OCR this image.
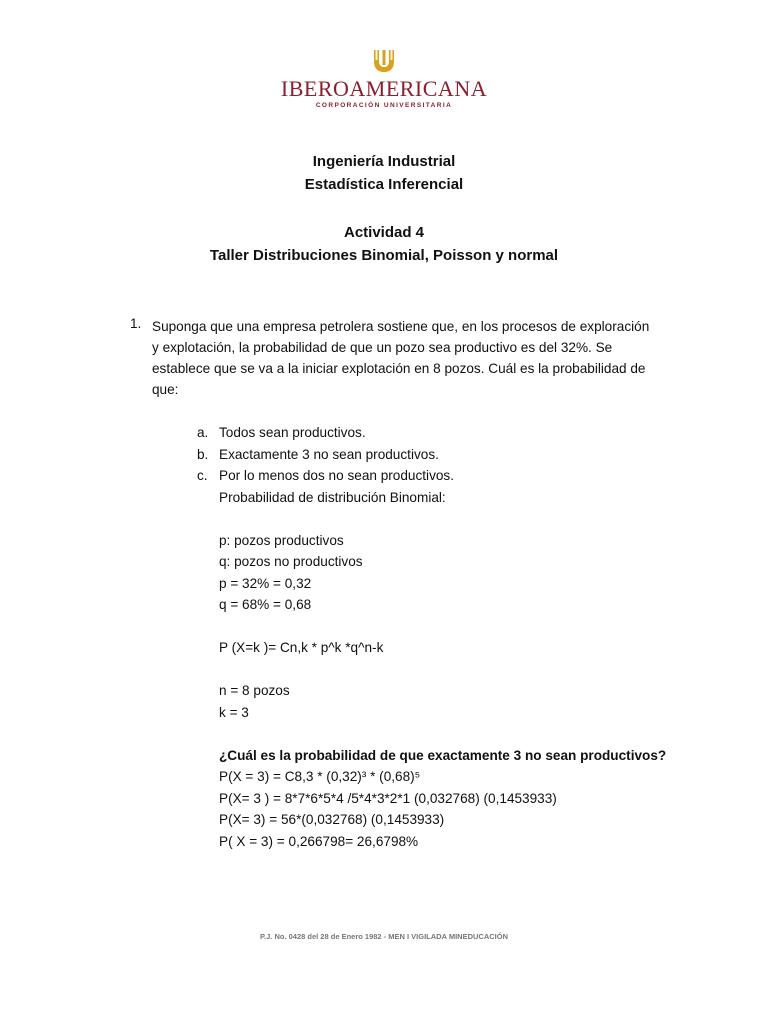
IBEROAMERICANA
CORPORACIÓN UNIVERSITARIA
Ingeniería Industrial
Estadística Inferencial
Actividad 4
Taller Distribuciones Binomial, Poisson y normal
1. Suponga que una empresa petrolera sostiene que, en los procesos de exploración
y explotación, la probabilidad de que un pozo sea productivo es del 32%. Se
establece que se va a la iniciar explotación en 8 pozos. Cuál es la probabilidad de
que:
a. Todos sean productivos.
b. Exactamente 3 no sean productivos.
c. Por lo menos dos no sean productivos.
Probabilidad de distribución Binomial:
p: pozos productivos
q: pozos no productivos
p = 32% = 0,32
q = 68% = 0,68
P (X=k )= Cn,k * p^k *q^n-k
n = 8 pozos
k = 3
¿Cuál es la probabilidad de que exactamente 3 no sean productivos?
P(X = 3) = C8,3 * (0,32)³ * (0,68)⁵
P(X= 3 ) = 8*7*6*5*4 /5*4*3*2*1 (0,032768) (0,1453933)
P(X= 3) = 56*(0,032768) (0,1453933)
P( X = 3) = 0,266798= 26,6798%
P.J. No. 0428 del 28 de Enero 1982 - MEN I VIGILADA MINEDUCACIÓN
